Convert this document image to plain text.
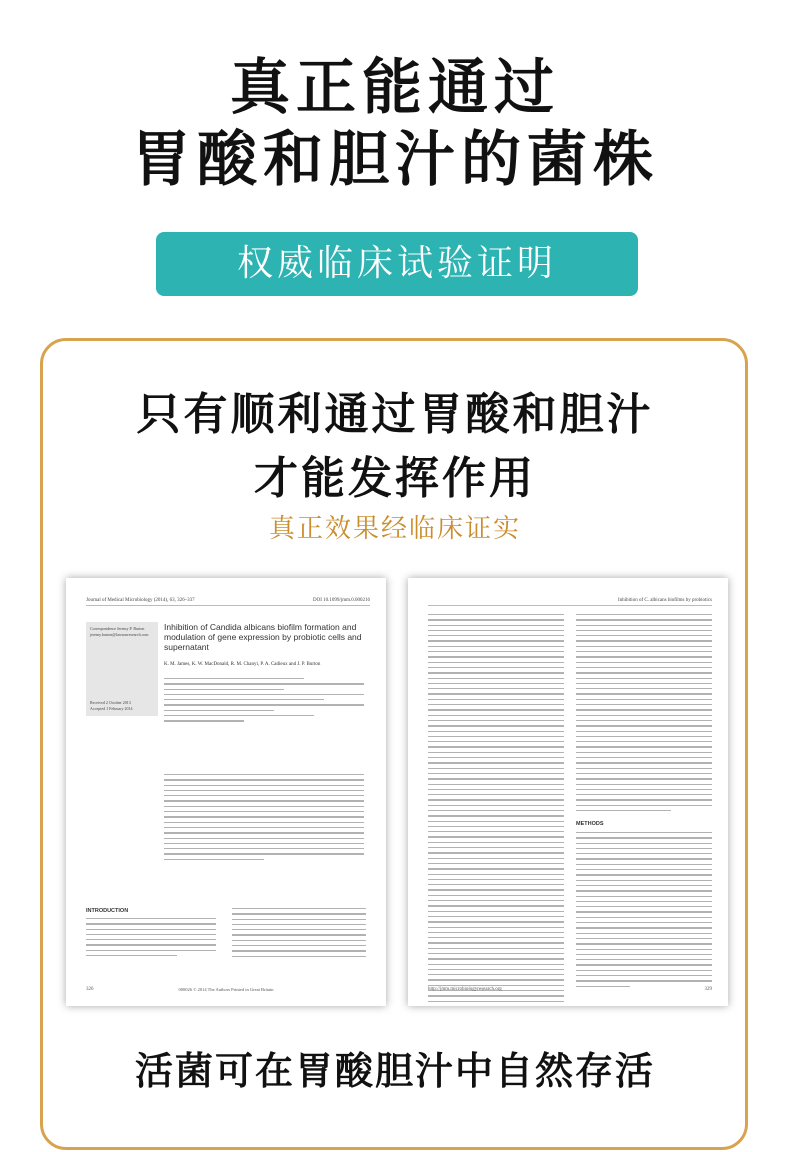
真正能通过
胃酸和胆汁的菌株
权威临床试验证明
只有顺利通过胃酸和胆汁
才能发挥作用
真正效果经临床证实
Journal of Medical Microbiology (2014), 63, 326–337	DOI 10.1099/jmm.0.000216
Correspondence Jeremy P. Burton jeremy.burton@lawsonresearch.com
Received 2 October 2013
Accepted 1 February 2014
Inhibition of Candida albicans biofilm formation and modulation of gene expression by probiotic cells and supernatant
K. M. James, K. W. MacDonald, R. M. Chanyi, P. A. Cadieux and J. P. Burton
INTRODUCTION
326	000026 © 2014 The Authors Printed in Great Britain
Inhibition of C. albicans biofilms by probiotics
METHODS
http://jmm.microbiologyresearch.org	329
活菌可在胃酸胆汁中自然存活
